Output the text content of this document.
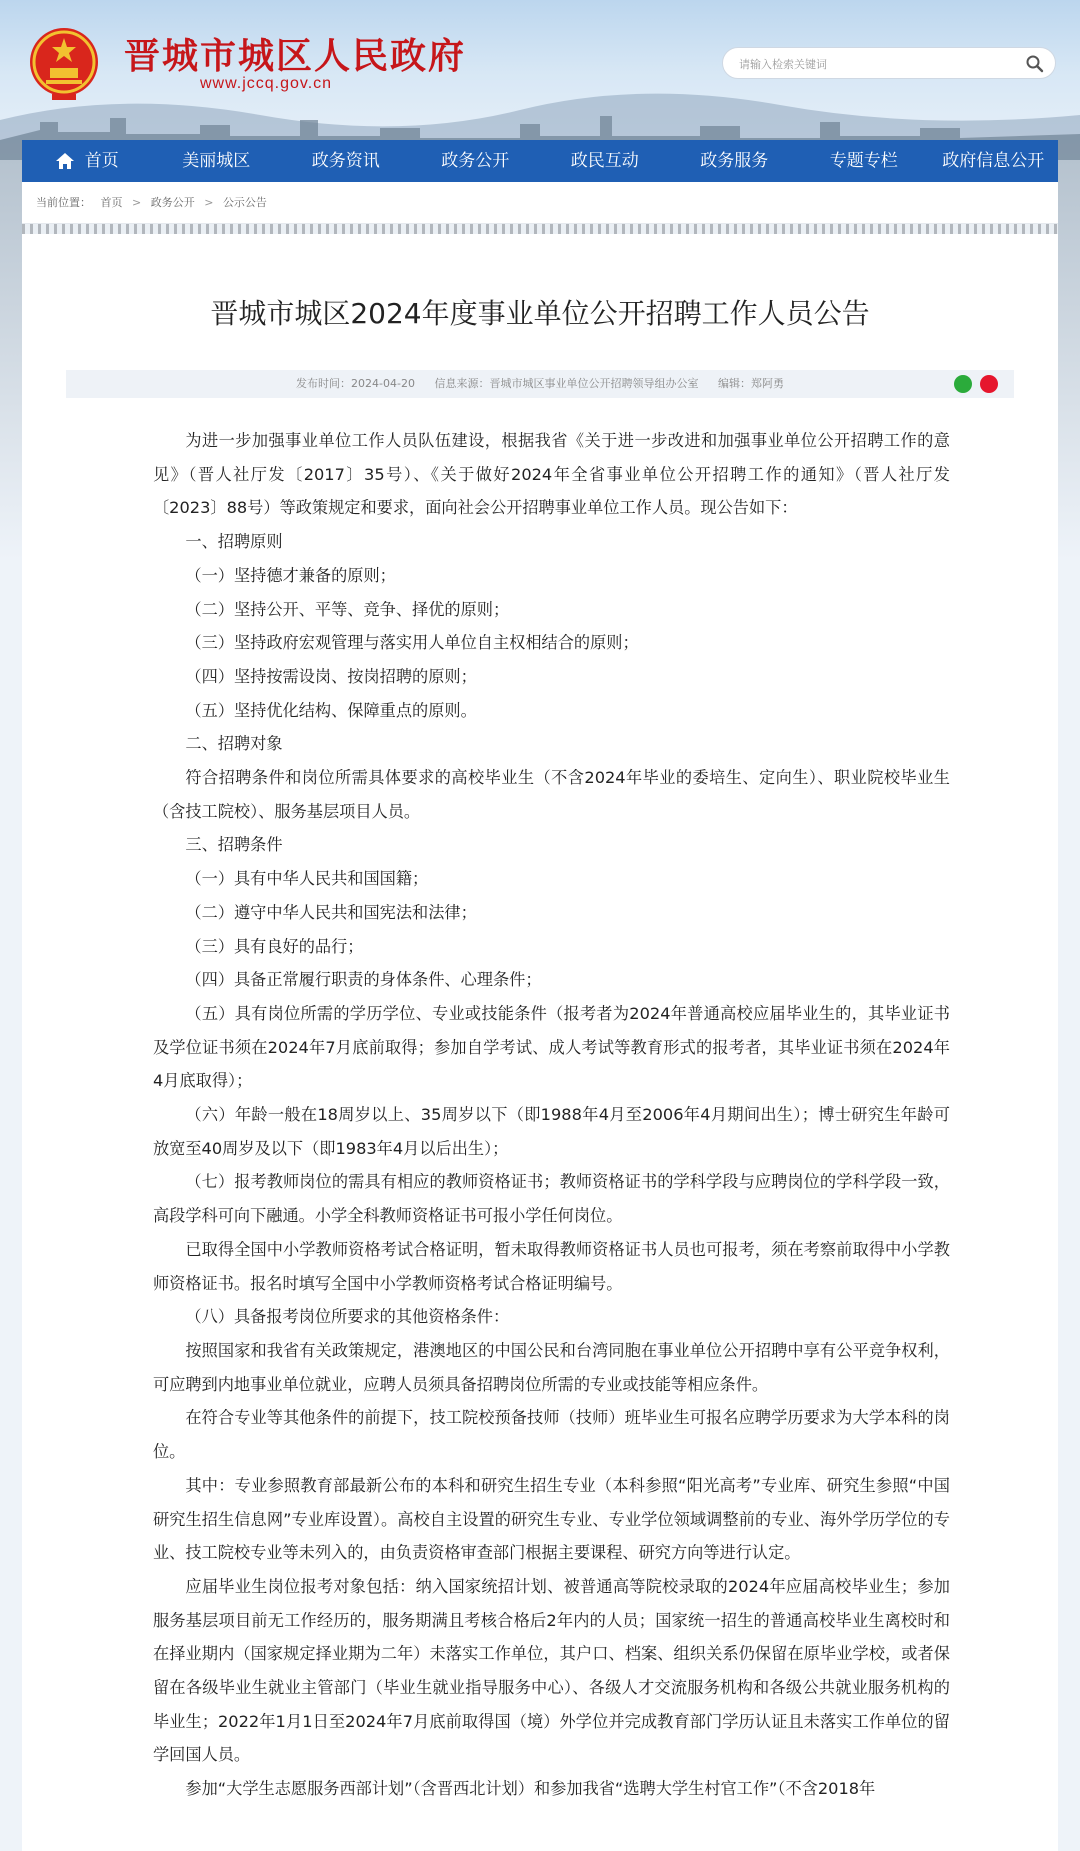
晋城市城区人民政府
www.jccq.gov.cn
请输入检索关键词
首页	美丽城区	政务资讯	政务公开	政民互动	政务服务	专题专栏	政府信息公开
当前位置： 首页 > 政务公开 > 公示公告
晋城市城区2024年度事业单位公开招聘工作人员公告
发布时间：2024-04-20 信息来源：晋城市城区事业单位公开招聘领导组办公室 编辑：郑阿勇

为进一步加强事业单位工作人员队伍建设，根据我省《关于进一步改进和加强事业单位公开招聘工作的意见》（晋人社厅发〔2017〕35号）、《关于做好2024年全省事业单位公开招聘工作的通知》（晋人社厅发〔2023〕88号）等政策规定和要求，面向社会公开招聘事业单位工作人员。现公告如下：

一、招聘原则

（一）坚持德才兼备的原则；

（二）坚持公开、平等、竞争、择优的原则；

（三）坚持政府宏观管理与落实用人单位自主权相结合的原则；

（四）坚持按需设岗、按岗招聘的原则；

（五）坚持优化结构、保障重点的原则。

二、招聘对象

符合招聘条件和岗位所需具体要求的高校毕业生（不含2024年毕业的委培生、定向生）、职业院校毕业生（含技工院校）、服务基层项目人员。

三、招聘条件

（一）具有中华人民共和国国籍；

（二）遵守中华人民共和国宪法和法律；

（三）具有良好的品行；

（四）具备正常履行职责的身体条件、心理条件；

（五）具有岗位所需的学历学位、专业或技能条件（报考者为2024年普通高校应届毕业生的，其毕业证书及学位证书须在2024年7月底前取得；参加自学考试、成人考试等教育形式的报考者，其毕业证书须在2024年4月底取得）；

（六）年龄一般在18周岁以上、35周岁以下（即1988年4月至2006年4月期间出生）；博士研究生年龄可放宽至40周岁及以下（即1983年4月以后出生）；

（七）报考教师岗位的需具有相应的教师资格证书；教师资格证书的学科学段与应聘岗位的学科学段一致，高段学科可向下融通。小学全科教师资格证书可报小学任何岗位。

已取得全国中小学教师资格考试合格证明，暂未取得教师资格证书人员也可报考，须在考察前取得中小学教师资格证书。报名时填写全国中小学教师资格考试合格证明编号。

（八）具备报考岗位所要求的其他资格条件：

按照国家和我省有关政策规定，港澳地区的中国公民和台湾同胞在事业单位公开招聘中享有公平竞争权利，可应聘到内地事业单位就业，应聘人员须具备招聘岗位所需的专业或技能等相应条件。

在符合专业等其他条件的前提下，技工院校预备技师（技师）班毕业生可报名应聘学历要求为大学本科的岗位。

其中：专业参照教育部最新公布的本科和研究生招生专业（本科参照“阳光高考”专业库、研究生参照“中国研究生招生信息网”专业库设置）。高校自主设置的研究生专业、专业学位领域调整前的专业、海外学历学位的专业、技工院校专业等未列入的，由负责资格审查部门根据主要课程、研究方向等进行认定。

应届毕业生岗位报考对象包括：纳入国家统招计划、被普通高等院校录取的2024年应届高校毕业生；参加服务基层项目前无工作经历的，服务期满且考核合格后2年内的人员；国家统一招生的普通高校毕业生离校时和在择业期内（国家规定择业期为二年）未落实工作单位，其户口、档案、组织关系仍保留在原毕业学校，或者保留在各级毕业生就业主管部门（毕业生就业指导服务中心）、各级人才交流服务机构和各级公共就业服务机构的毕业生；2022年1月1日至2024年7月底前取得国（境）外学位并完成教育部门学历认证且未落实工作单位的留学回国人员。

参加“大学生志愿服务西部计划”（含晋西北计划）和参加我省“选聘大学生村官工作”（不含2018年
